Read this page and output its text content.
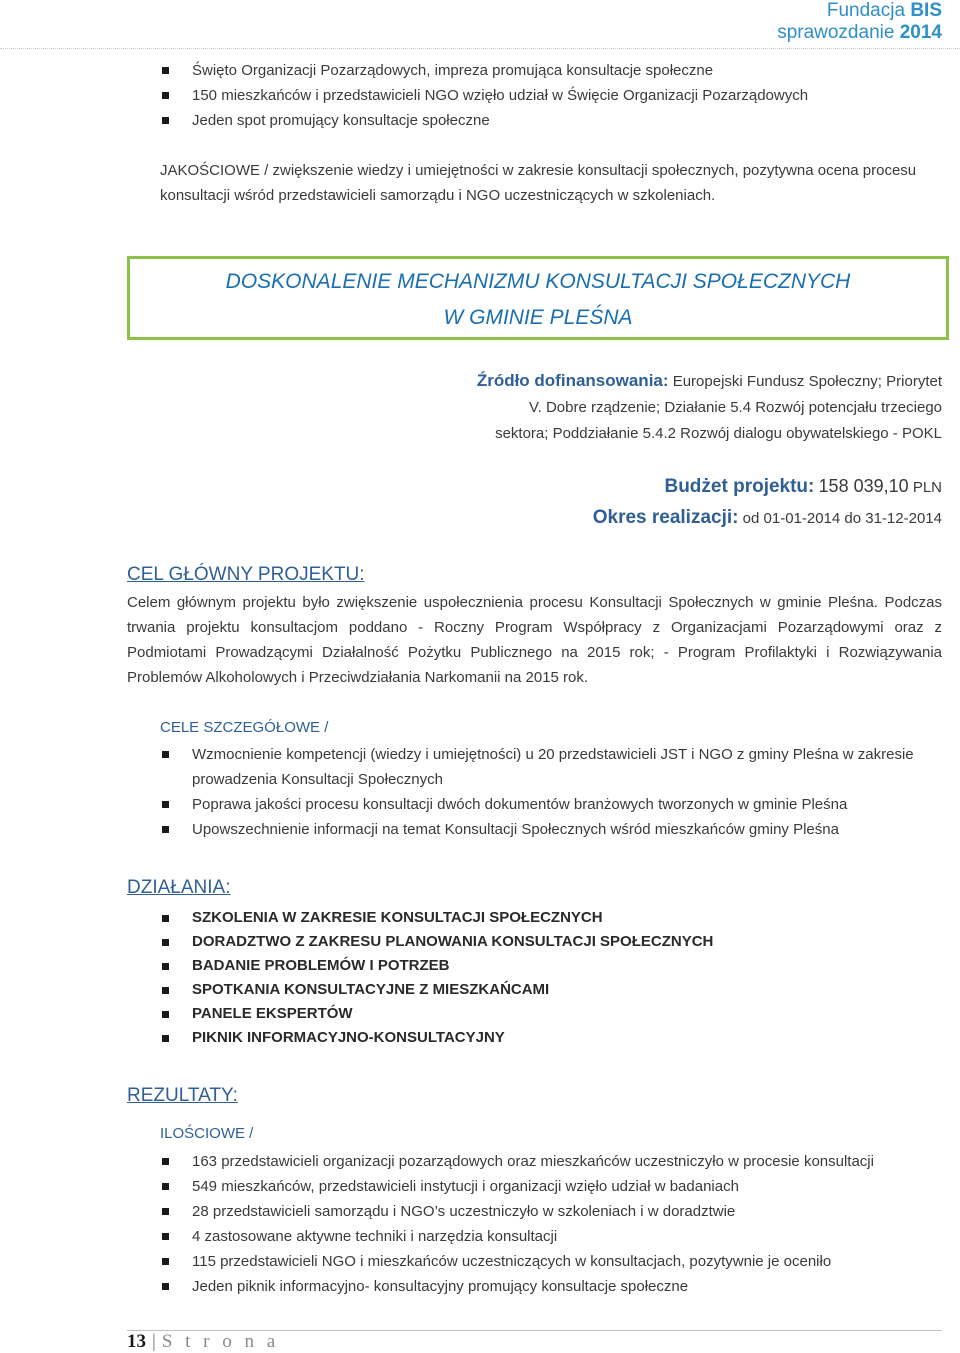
Fundacja BIS
sprawozdanie 2014
Święto Organizacji Pozarządowych, impreza promująca konsultacje społeczne
150 mieszkańców i przedstawicieli NGO wzięło udział w Święcie Organizacji Pozarządowych
Jeden spot promujący konsultacje społeczne
JAKOŚCIOWE / zwiększenie wiedzy i umiejętności w zakresie konsultacji społecznych, pozytywna ocena procesu konsultacji wśród przedstawicieli samorządu i NGO uczestniczących w szkoleniach.
DOSKONALENIE MECHANIZMU KONSULTACJI SPOŁECZNYCH
W GMINIE PLEŚNA
Źródło dofinansowania: Europejski Fundusz Społeczny; Priorytet V. Dobre rządzenie; Działanie 5.4 Rozwój potencjału trzeciego sektora; Poddziałanie 5.4.2 Rozwój dialogu obywatelskiego - POKL
Budżet projektu: 158 039,10 PLN
Okres realizacji: od 01-01-2014 do 31-12-2014
CEL GŁÓWNY PROJEKTU:
Celem głównym projektu było zwiększenie uspołecznienia procesu Konsultacji Społecznych w gminie Pleśna. Podczas trwania projektu konsultacjom poddano - Roczny Program Współpracy z Organizacjami Pozarządowymi oraz z Podmiotami Prowadzącymi Działalność Pożytku Publicznego na 2015 rok; - Program Profilaktyki i Rozwiązywania Problemów Alkoholowych i Przeciwdziałania Narkomanii na 2015 rok.
CELE SZCZEGÓŁOWE /
Wzmocnienie kompetencji (wiedzy i umiejętności) u 20 przedstawicieli JST i NGO z gminy Pleśna w zakresie prowadzenia Konsultacji Społecznych
Poprawa jakości procesu konsultacji dwóch dokumentów branżowych tworzonych w gminie Pleśna
Upowszechnienie informacji na temat Konsultacji Społecznych wśród mieszkańców gminy Pleśna
DZIAŁANIA:
SZKOLENIA W ZAKRESIE KONSULTACJI SPOŁECZNYCH
DORADZTWO Z ZAKRESU PLANOWANIA KONSULTACJI SPOŁECZNYCH
BADANIE PROBLEMÓW I POTRZEB
SPOTKANIA KONSULTACYJNE Z MIESZKAŃCAMI
PANELE EKSPERTÓW
PIKNIK INFORMACYJNO-KONSULTACYJNY
REZULTATY:
ILOŚCIOWE /
163 przedstawicieli organizacji pozarządowych oraz mieszkańców uczestniczyło w procesie konsultacji
549 mieszkańców, przedstawicieli instytucji i organizacji wzięło udział w badaniach
28 przedstawicieli samorządu i NGO’s uczestniczyło w szkoleniach i w doradztwie
4 zastosowane aktywne techniki i narzędzia konsultacji
115 przedstawicieli NGO i mieszkańców uczestniczących w konsultacjach, pozytywnie je oceniło
Jeden piknik informacyjno- konsultacyjny promujący konsultacje społeczne
13 | S t r o n a
